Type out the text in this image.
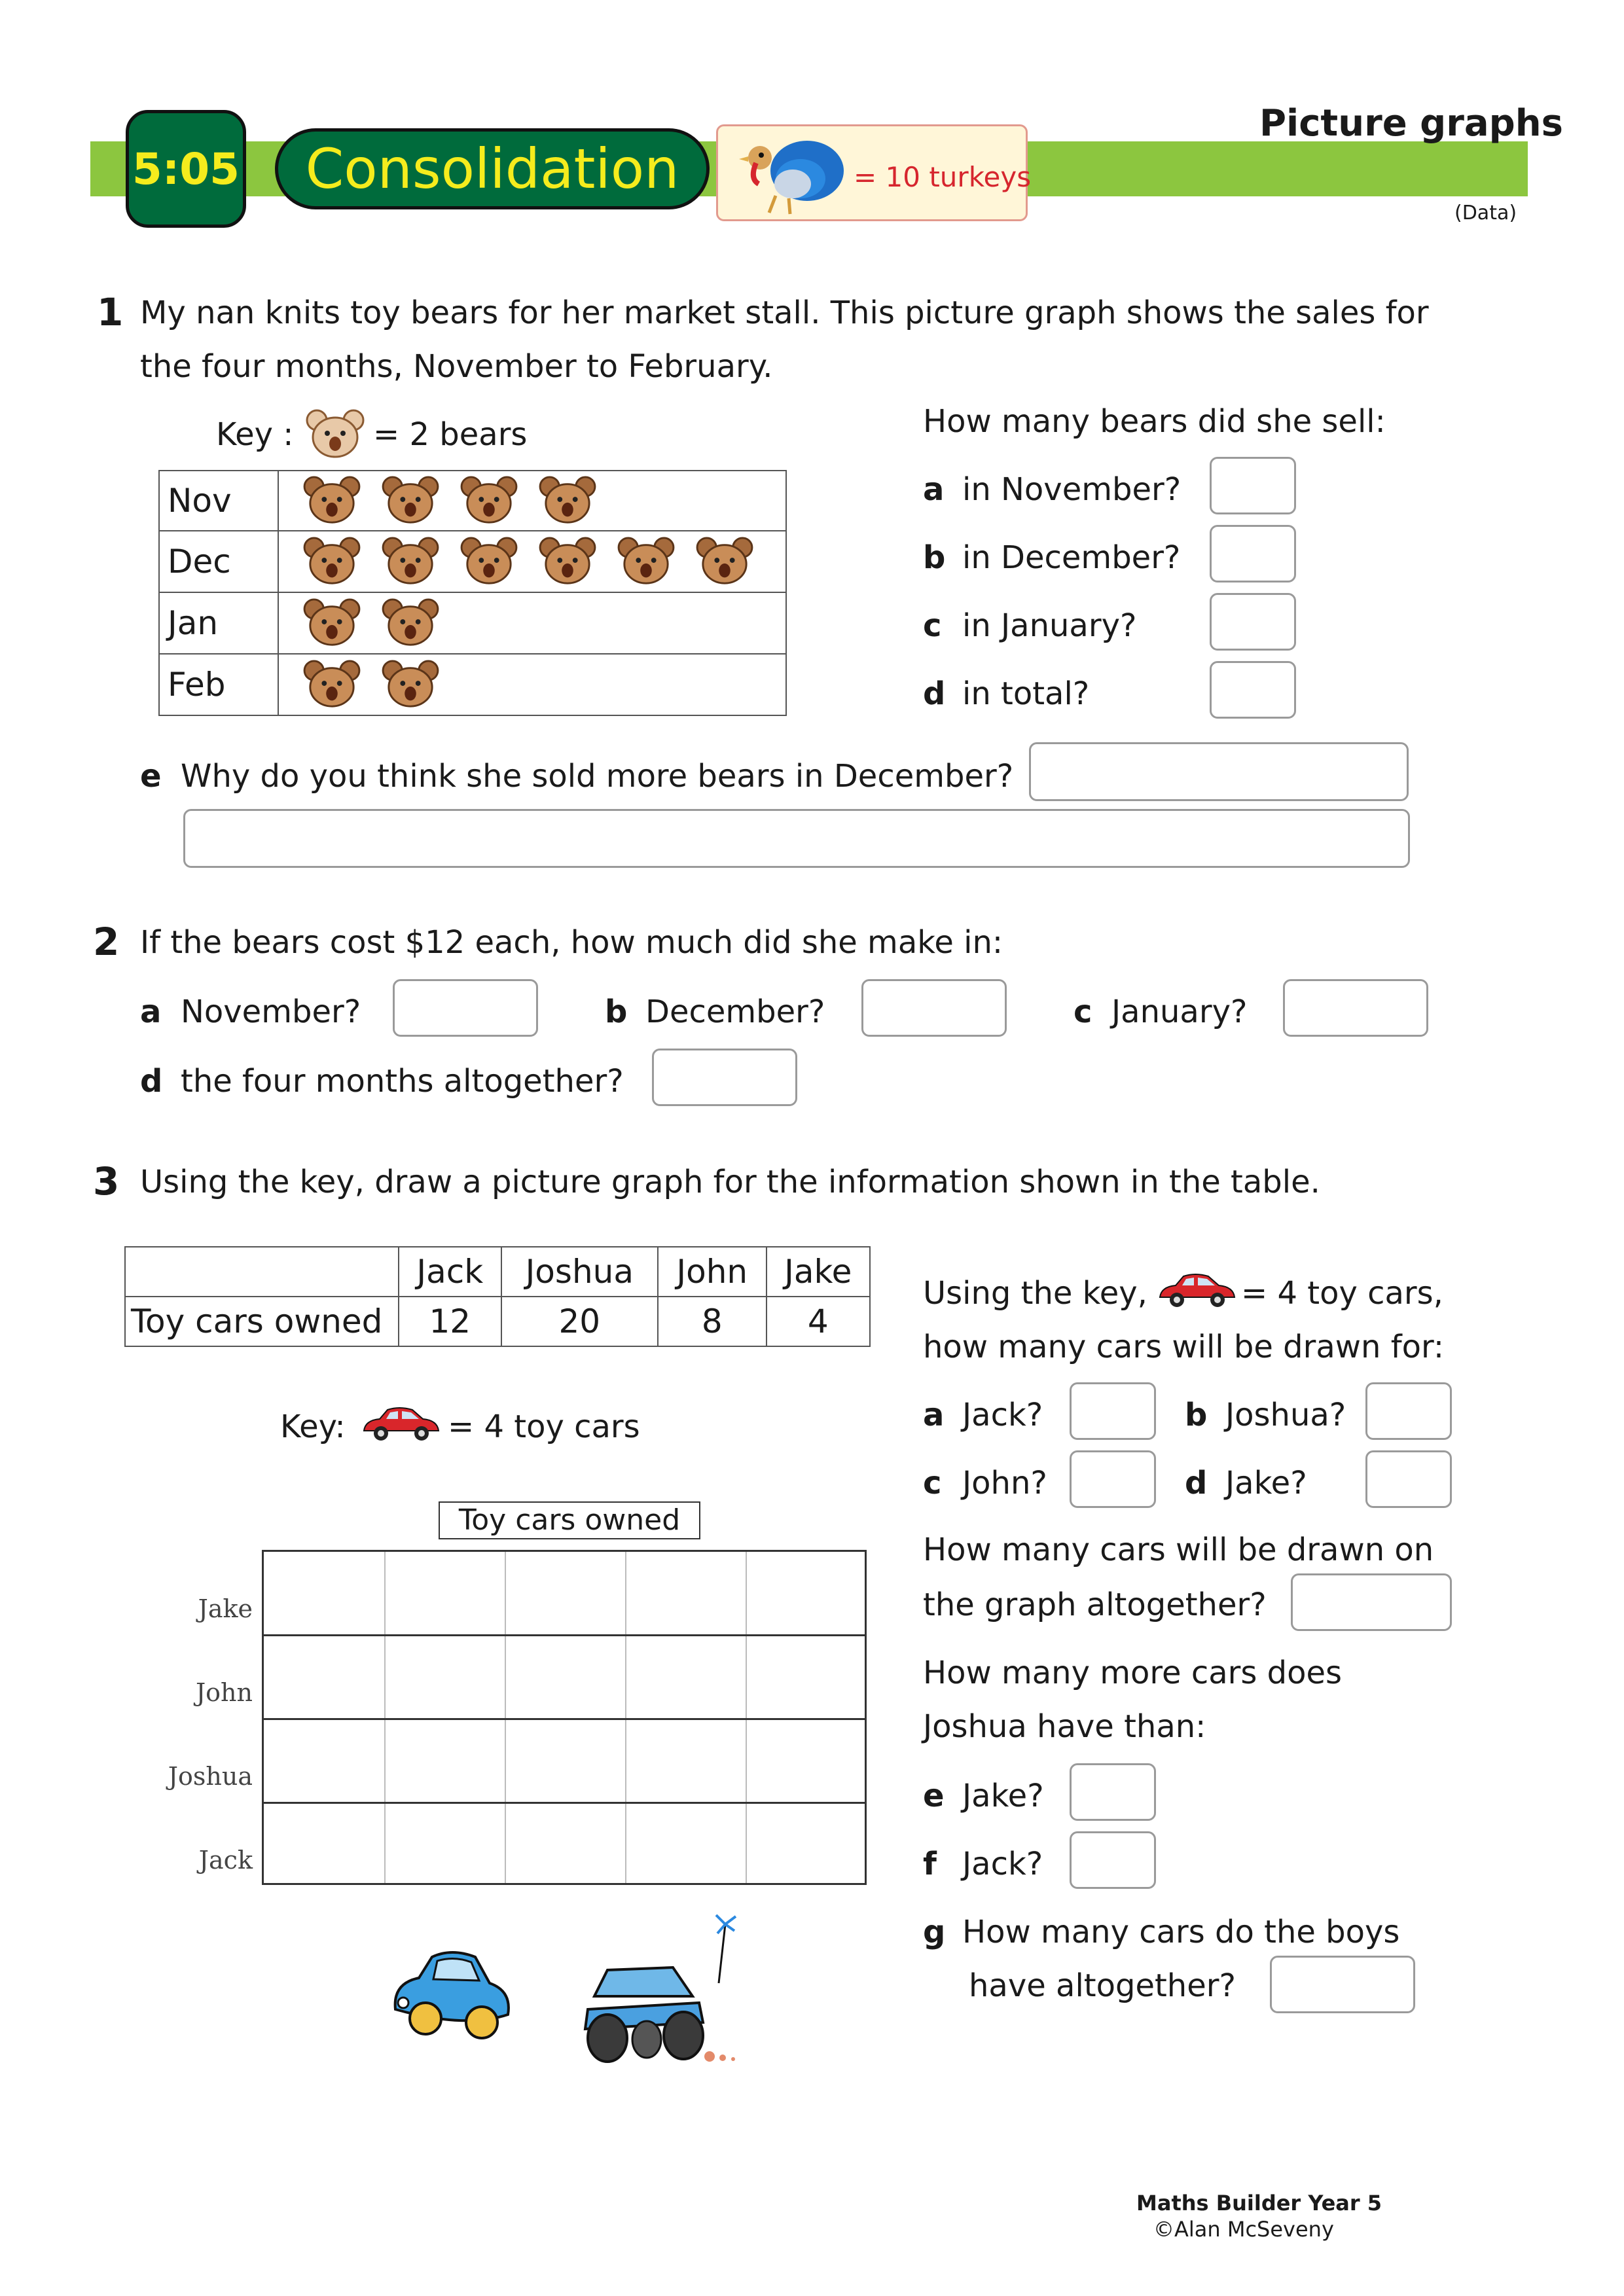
5:05	Consolidation	= 10 turkeys
Picture graphs
(Data)
1 My nan knits toy bears for her market stall. This picture graph shows the sales for
the four months, November to February.
Key :	= 2 bears
Nov	
Dec	
Jan	
Feb	
How many bears did she sell:
a in November?
b in December?
c in January?
d in total?
e Why do you think she sold more bears in December?
2 If the bears cost $12 each, how much did she make in:
a November?	b December?	c January?
d the four months altogether?
3 Using the key, draw a picture graph for the information shown in the table.
	Jack	Joshua	John	Jake
Toy cars owned	12	20	8	4
Key:	= 4 toy cars
Toy cars owned
Jake
John
Joshua
Jack
Using the key,	= 4 toy cars,
how many cars will be drawn for:
a Jack?	b Joshua?
c John?	d Jake?
How many cars will be drawn on
the graph altogether?
How many more cars does
Joshua have than:
e Jake?
f Jack?
g How many cars do the boys
have altogether?
Maths Builder Year 5
©Alan McSeveny
